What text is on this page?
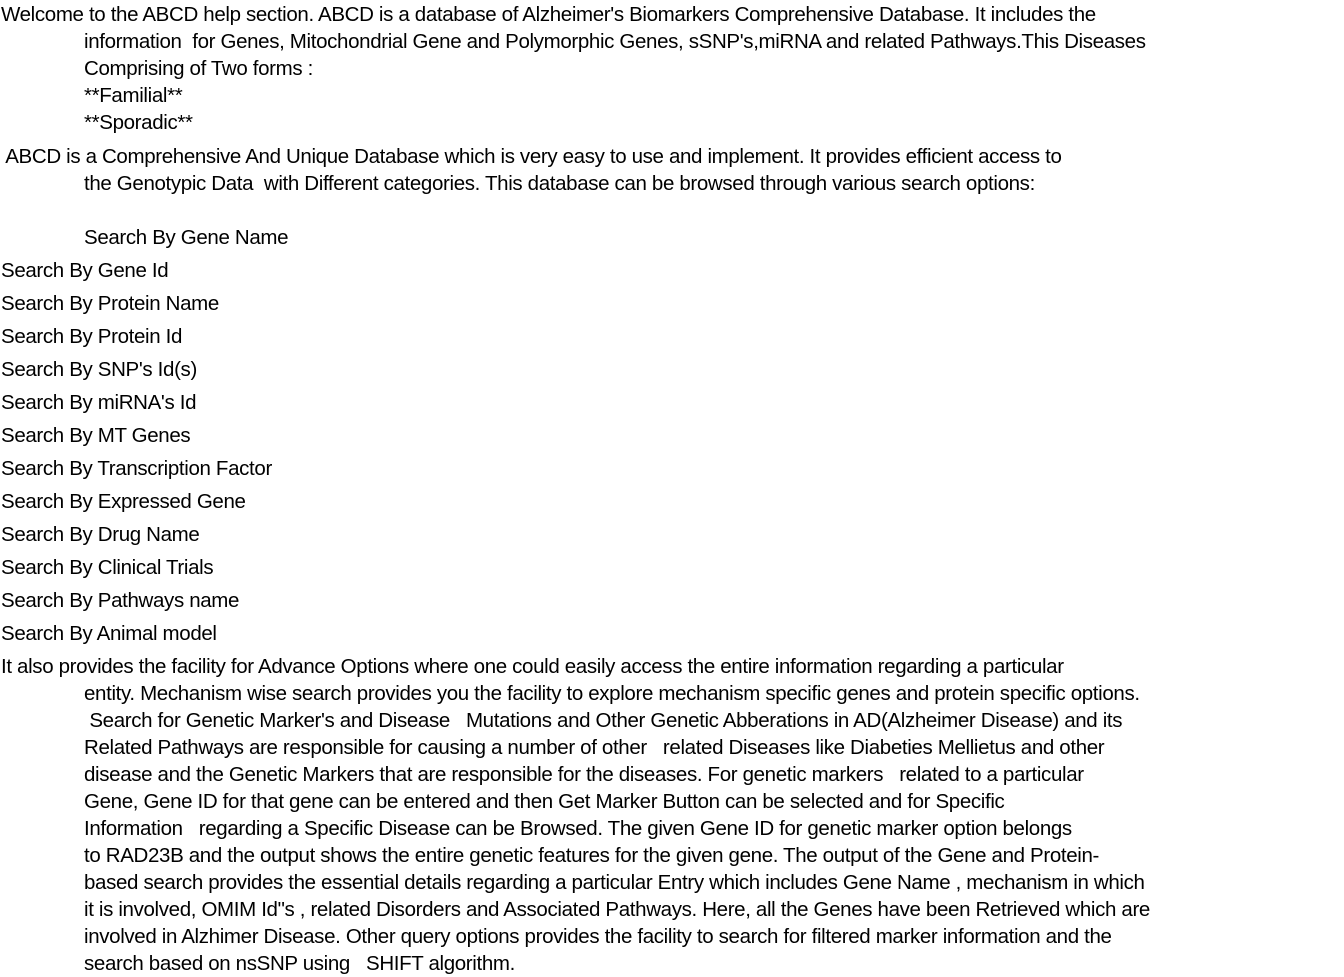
Welcome to the ABCD help section. ABCD is a database of Alzheimer's Biomarkers Comprehensive Database. It includes the
information  for Genes, Mitochondrial Gene and Polymorphic Genes, sSNP's,miRNA and related Pathways.This Diseases
Comprising of Two forms :
**Familial**
**Sporadic**
ABCD is a Comprehensive And Unique Database which is very easy to use and implement. It provides efficient access to
the Genotypic Data  with Different categories. This database can be browsed through various search options:
Search By Gene Name
Search By Gene Id
Search By Protein Name
Search By Protein Id
Search By SNP's Id(s)
Search By miRNA's Id
Search By MT Genes
Search By Transcription Factor
Search By Expressed Gene
Search By Drug Name
Search By Clinical Trials
Search By Pathways name
Search By Animal model
It also provides the facility for Advance Options where one could easily access the entire information regarding a particular
entity. Mechanism wise search provides you the facility to explore mechanism specific genes and protein specific options.
Search for Genetic Marker's and Disease   Mutations and Other Genetic Abberations in AD(Alzheimer Disease) and its
Related Pathways are responsible for causing a number of other   related Diseases like Diabeties Mellietus and other
disease and the Genetic Markers that are responsible for the diseases. For genetic markers   related to a particular
Gene, Gene ID for that gene can be entered and then Get Marker Button can be selected and for Specific
Information   regarding a Specific Disease can be Browsed. The given Gene ID for genetic marker option belongs
to RAD23B and the output shows the entire genetic features for the given gene. The output of the Gene and Protein-
based search provides the essential details regarding a particular Entry which includes Gene Name , mechanism in which
it is involved, OMIM Id"s , related Disorders and Associated Pathways. Here, all the Genes have been Retrieved which are
involved in Alzhimer Disease. Other query options provides the facility to search for filtered marker information and the
search based on nsSNP using   SHIFT algorithm.
